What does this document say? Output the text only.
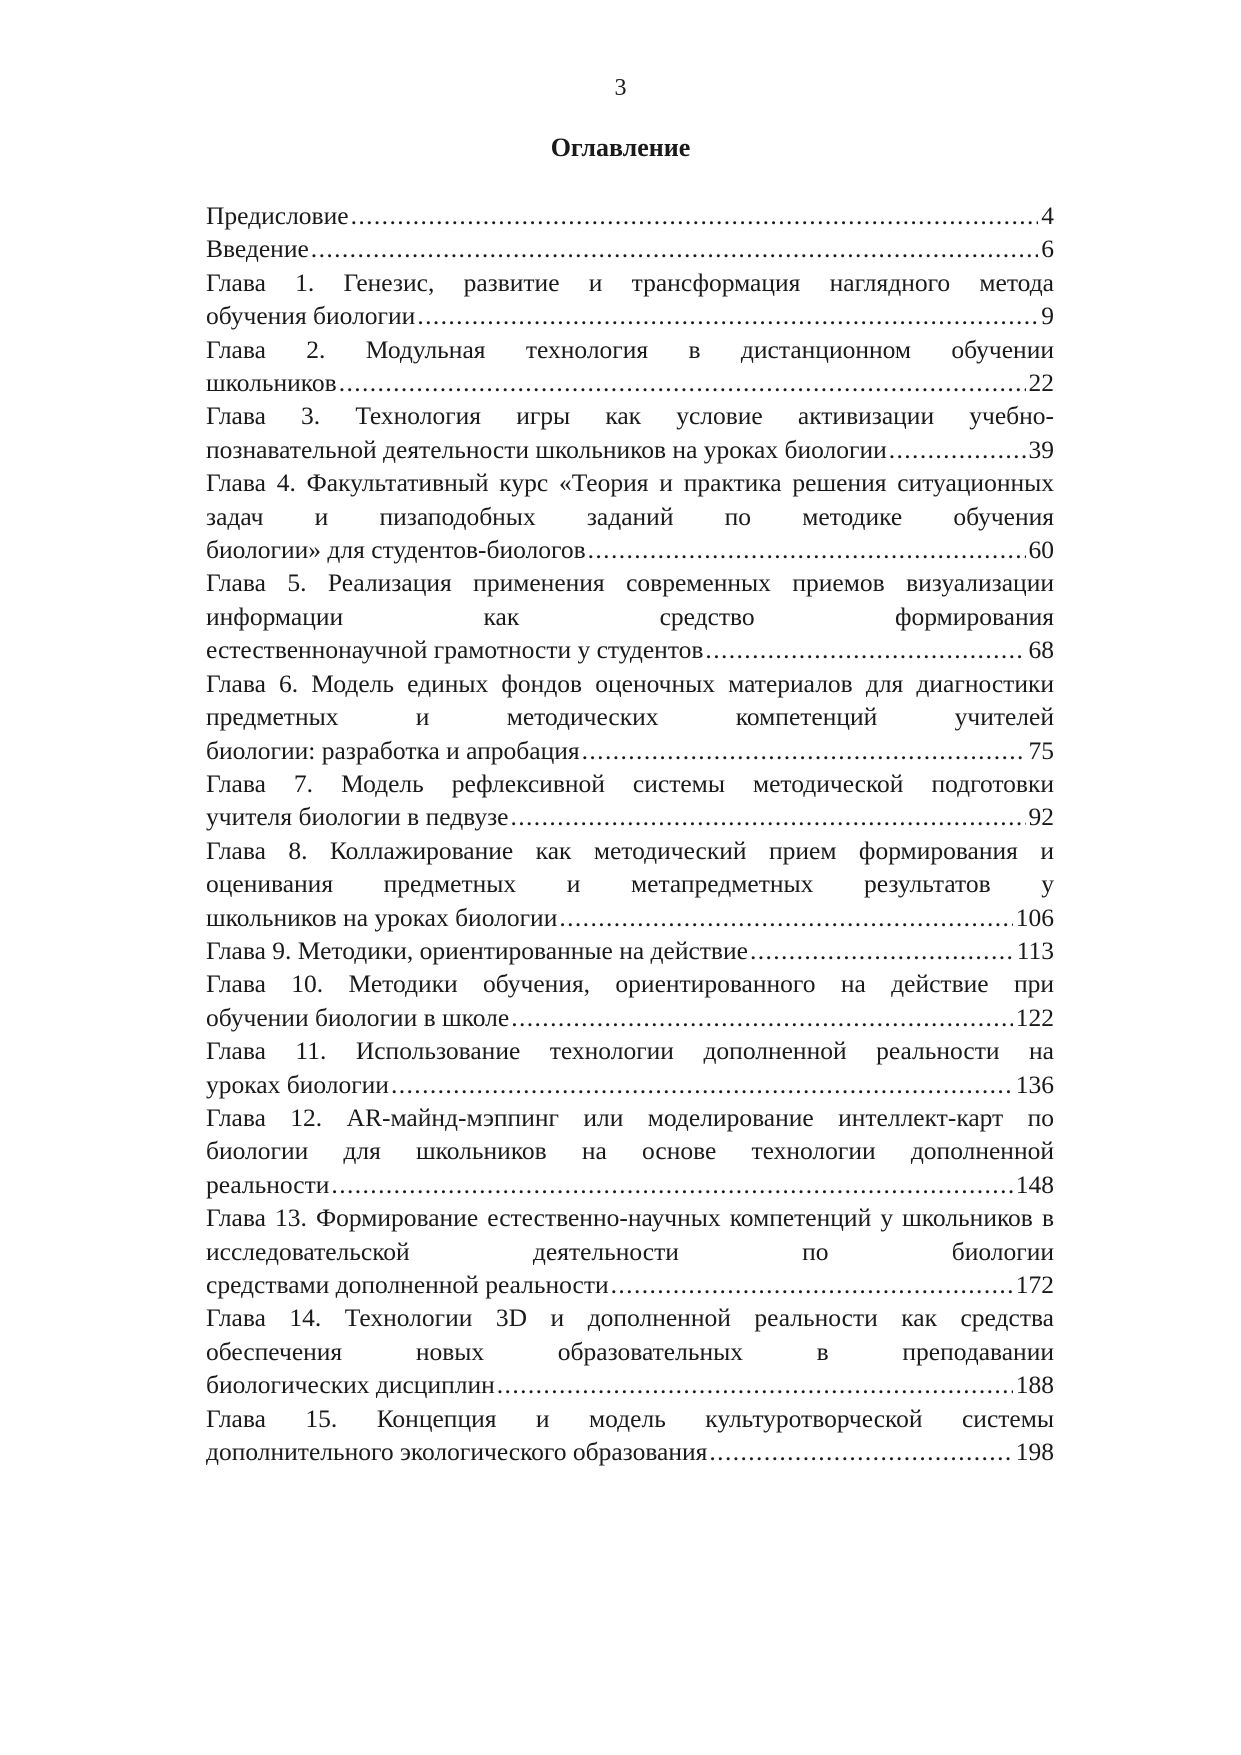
3
Оглавление
Предисловие .....	4
Введение .....	6
Глава 1. Генезис, развитие и трансформация наглядного метода
обучения биологии .....	9
Глава 2. Модульная технология в дистанционном обучении
школьников .....	22
Глава 3. Технология игры как условие активизации учебно-
познавательной деятельности школьников на уроках биологии .....	39
Глава 4. Факультативный курс «Теория и практика решения ситуационных задач и пизаподобных заданий по методике обучения
биологии» для студентов-биологов .....	60
Глава 5. Реализация применения современных приемов визуализации информации как средство формирования
естественнонаучной грамотности у студентов .....	68
Глава 6. Модель единых фондов оценочных материалов для диагностики предметных и методических компетенций учителей
биологии: разработка и апробация .....	75
Глава 7. Модель рефлексивной системы методической подготовки
учителя биологии в педвузе .....	92
Глава 8. Коллажирование как методический прием формирования и оценивания предметных и метапредметных результатов у
школьников на уроках биологии .....	106
Глава 9. Методики, ориентированные на действие .....	113
Глава 10. Методики обучения, ориентированного на действие при
обучении биологии в школе .....	122
Глава 11. Использование технологии дополненной реальности на
уроках биологии .....	136
Глава 12. AR-майнд-мэппинг или моделирование интеллект-карт по биологии для школьников на основе технологии дополненной
реальности .....	148
Глава 13. Формирование естественно-научных компетенций у школьников в исследовательской деятельности по биологии
средствами дополненной реальности .....	172
Глава 14. Технологии 3D и дополненной реальности как средства обеспечения новых образовательных в преподавании
биологических дисциплин .....	188
Глава 15. Концепция и модель культуротворческой системы
дополнительного экологического образования .....	198
